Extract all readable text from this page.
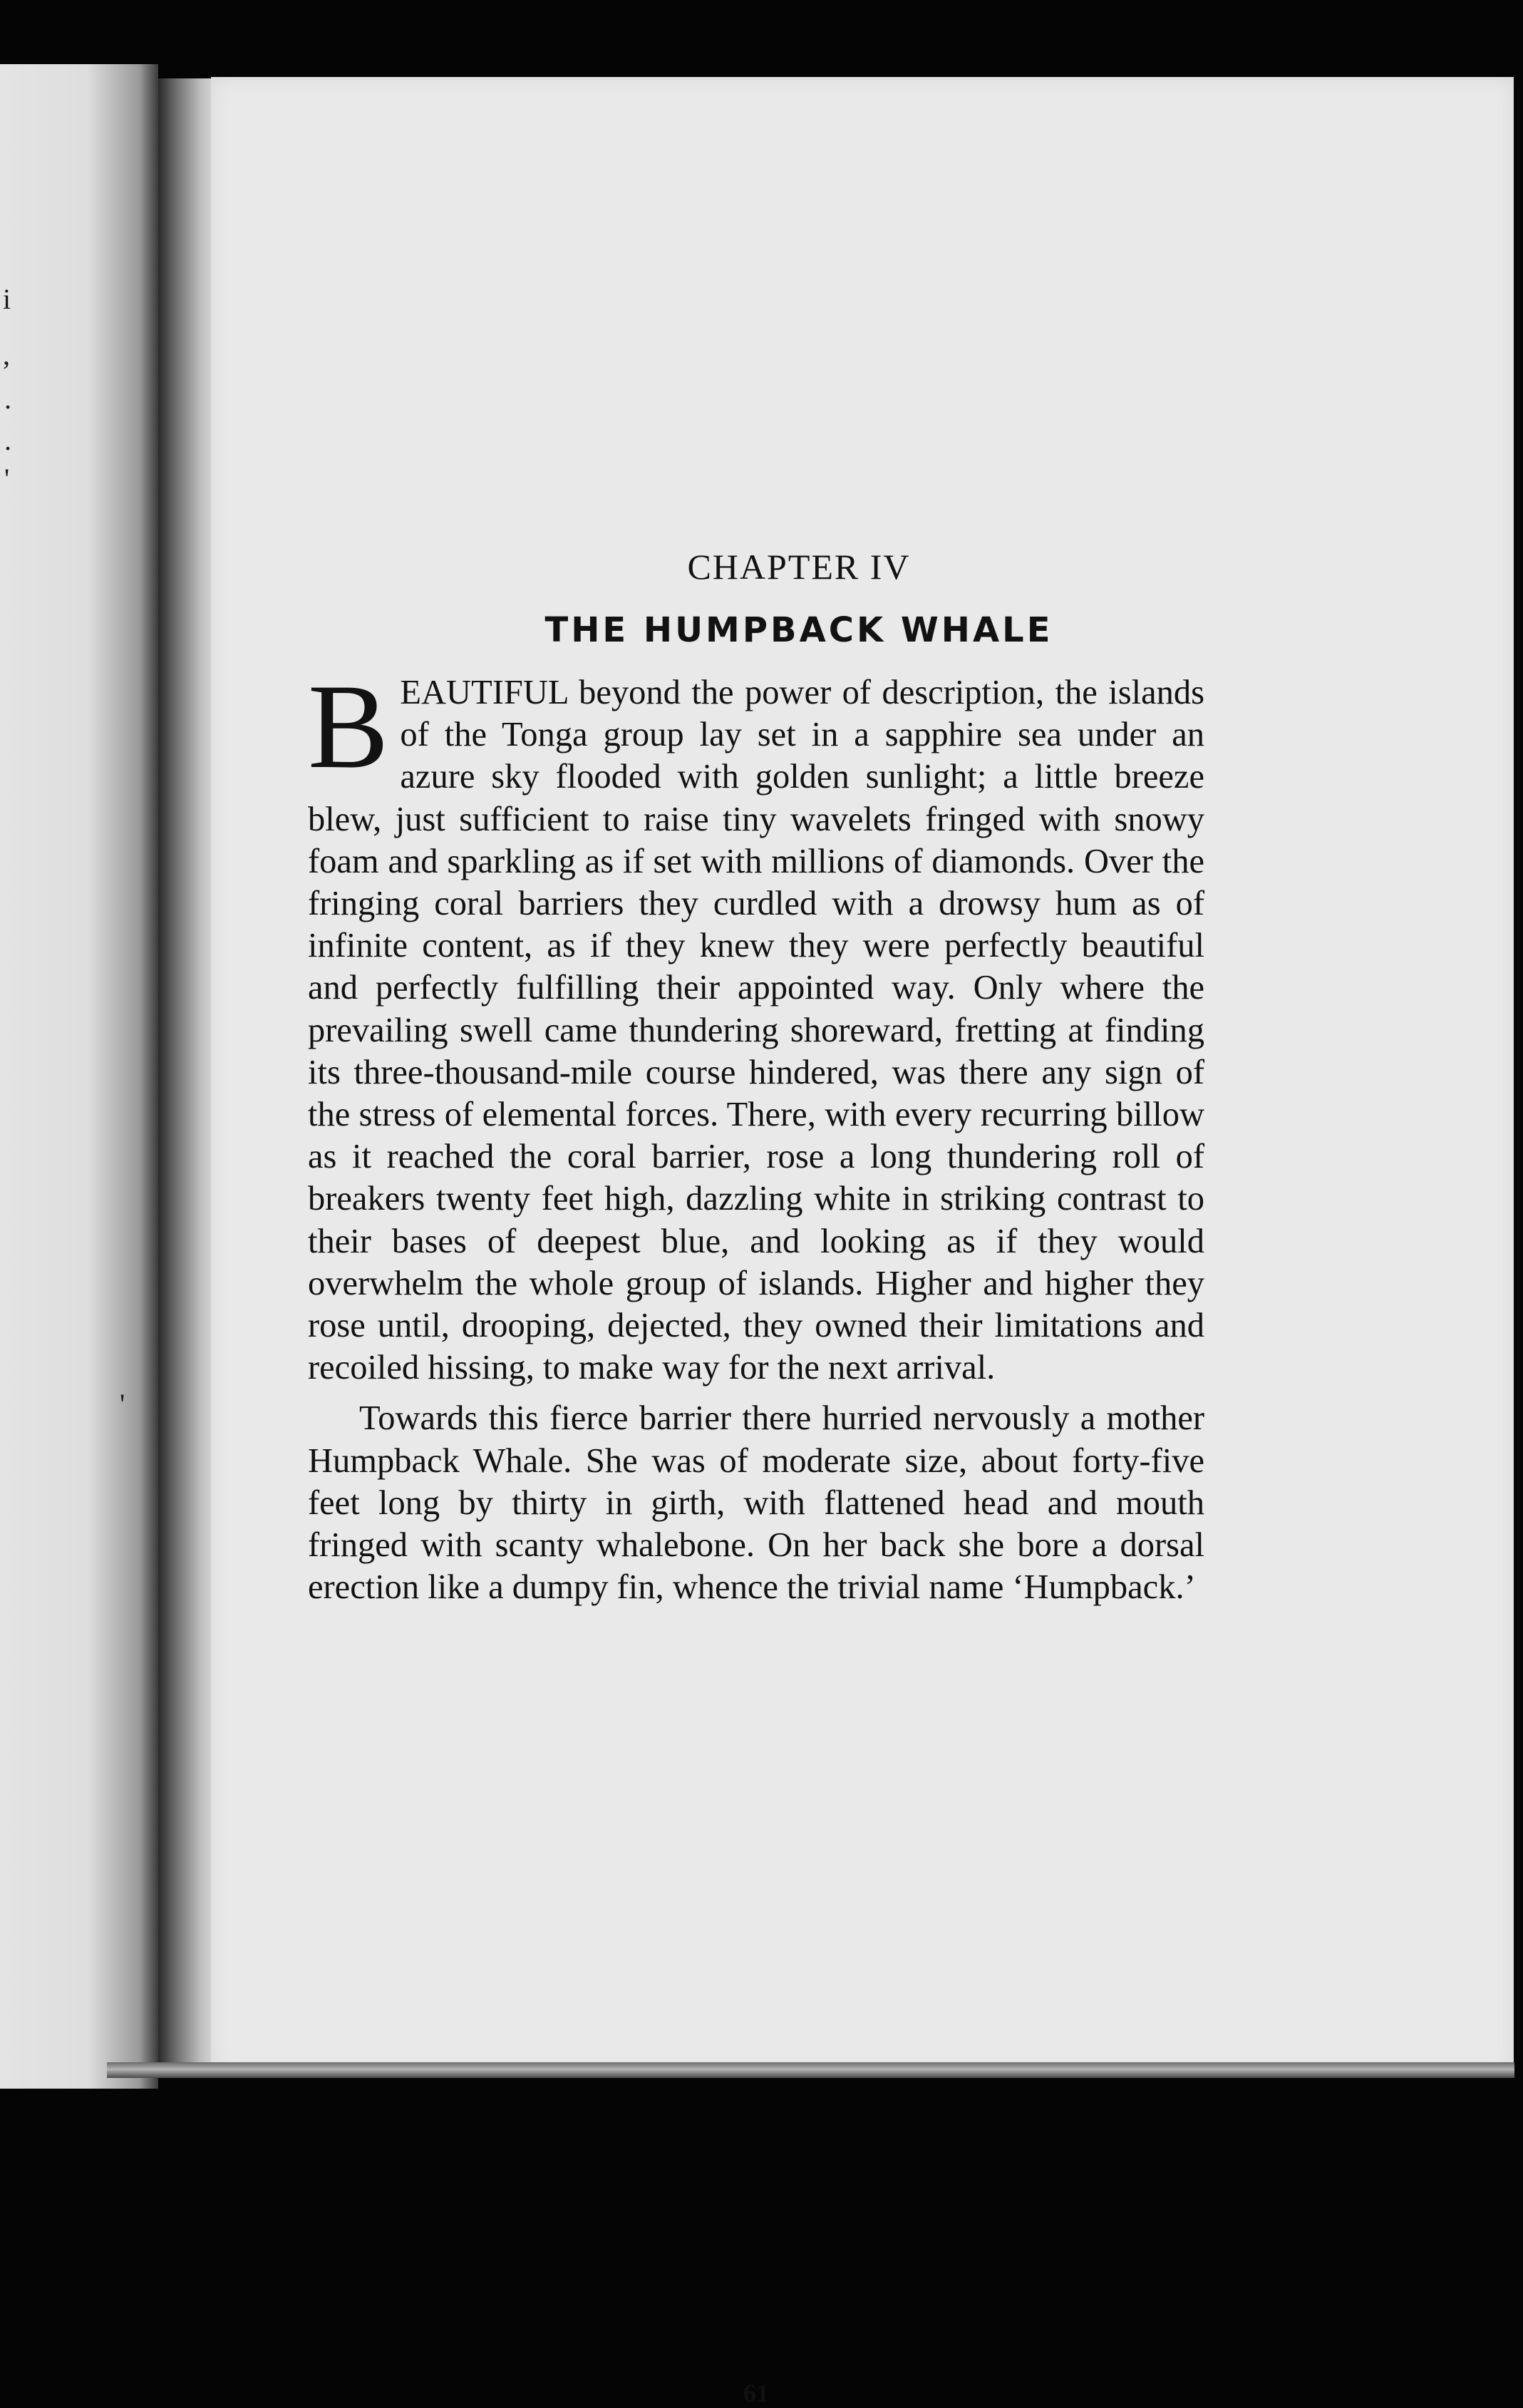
i
,
.
.
'
'
CHAPTER IV
THE HUMPBACK WHALE

BEAUTIFUL beyond the power of description, the islands of the Tonga group lay set in a sapphire sea under an azure sky flooded with golden sunlight; a little breeze blew, just sufficient to raise tiny wavelets fringed with snowy foam and sparkling as if set with millions of diamonds. Over the fringing coral barriers they curdled with a drowsy hum as of infinite content, as if they knew they were perfectly beautiful and perfectly fulfilling their appointed way. Only where the prevailing swell came thundering shoreward, fretting at finding its three-thousand-mile course hindered, was there any sign of the stress of elemental forces. There, with every recurring billow as it reached the coral barrier, rose a long thundering roll of breakers twenty feet high, dazzling white in striking contrast to their bases of deepest blue, and looking as if they would overwhelm the whole group of islands. Higher and higher they rose until, drooping, dejected, they owned their limitations and recoiled hissing, to make way for the next arrival.

Towards this fierce barrier there hurried nervously a mother Humpback Whale. She was of moderate size, about forty-five feet long by thirty in girth, with flattened head and mouth fringed with scanty whalebone. On her back she bore a dorsal erection like a dumpy fin, whence the trivial name ‘Humpback.’

61
